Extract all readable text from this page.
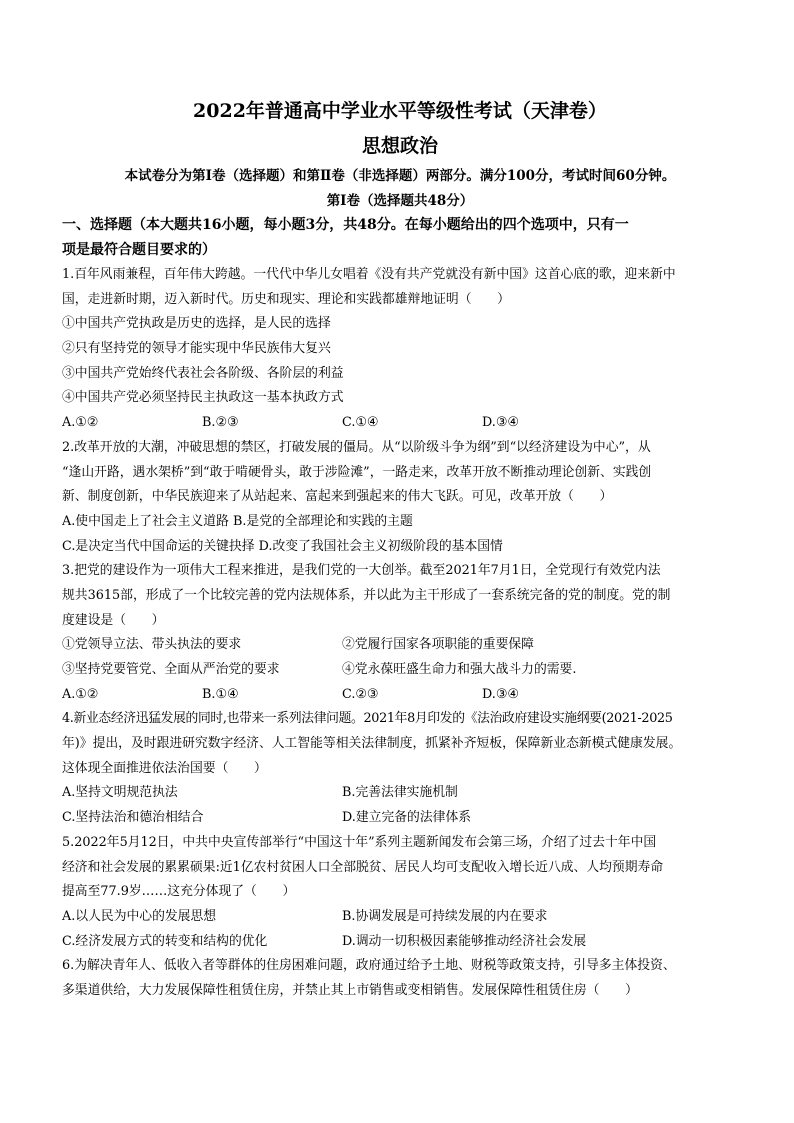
2022年普通高中学业水平等级性考试（天津卷）
思想政治
本试卷分为第Ⅰ卷（选择题）和第Ⅱ卷（非选择题）两部分。满分100分，考试时间60分钟。
第Ⅰ卷（选择题共48分）
一、选择题（本大题共16小题，每小题3分，共48分。在每小题给出的四个选项中，只有一
项是最符合题目要求的）
1.百年风雨兼程，百年伟大跨越。一代代中华儿女唱着《没有共产党就没有新中国》这首心底的歌，迎来新中
国，走进新时期，迈入新时代。历史和现实、理论和实践都雄辩地证明（　　）
①中国共产党执政是历史的选择，是人民的选择
②只有坚持党的领导才能实现中华民族伟大复兴
③中国共产党始终代表社会各阶级、各阶层的利益
④中国共产党必须坚持民主执政这一基本执政方式
A.①②	B.②③	C.①④	D.③④
2.改革开放的大潮，冲破思想的禁区，打破发展的僵局。从“以阶级斗争为纲”到“以经济建设为中心”，从
“逢山开路，遇水架桥”到“敢于啃硬骨头，敢于涉险滩”，一路走来，改革开放不断推动理论创新、实践创
新、制度创新，中华民族迎来了从站起来、富起来到强起来的伟大飞跃。可见，改革开放（　　）
A.使中国走上了社会主义道路 B.是党的全部理论和实践的主题
C.是决定当代中国命运的关键抉择 D.改变了我国社会主义初级阶段的基本国情
3.把党的建设作为一项伟大工程来推进，是我们党的一大创举。截至2021年7月1日，全党现行有效党内法
规共3615部，形成了一个比较完善的党内法规体系，并以此为主干形成了一套系统完备的党的制度。党的制
度建设是（　　）
①党领导立法、带头执法的要求	②党履行国家各项职能的重要保障
③坚持党要管党、全面从严治党的要求	④党永葆旺盛生命力和强大战斗力的需要.
A.①②	B.①④	C.②③	D.③④
4.新业态经济迅猛发展的同时,也带来一系列法律问题。2021年8月印发的《法治政府建设实施纲要(2021-2025
年)》提出，及时跟进研究数字经济、人工智能等相关法律制度，抓紧补齐短板，保障新业态新模式健康发展。
这体现全面推进依法治国要（　　）
A.坚持文明规范执法	B.完善法律实施机制
C.坚持法治和德治相结合	D.建立完备的法律体系
5.2022年5月12日，中共中央宣传部举行“中国这十年”系列主题新闻发布会第三场，介绍了过去十年中国
经济和社会发展的累累硕果:近1亿农村贫困人口全部脱贫、居民人均可支配收入增长近八成、人均预期寿命
提高至77.9岁……这充分体现了（　　）
A.以人民为中心的发展思想	B.协调发展是可持续发展的内在要求
C.经济发展方式的转变和结构的优化	D.调动一切积极因素能够推动经济社会发展
6.为解决青年人、低收入者等群体的住房困难问题，政府通过给予土地、财税等政策支持，引导多主体投资、
多渠道供给，大力发展保障性租赁住房，并禁止其上市销售或变相销售。发展保障性租赁住房（　　）
